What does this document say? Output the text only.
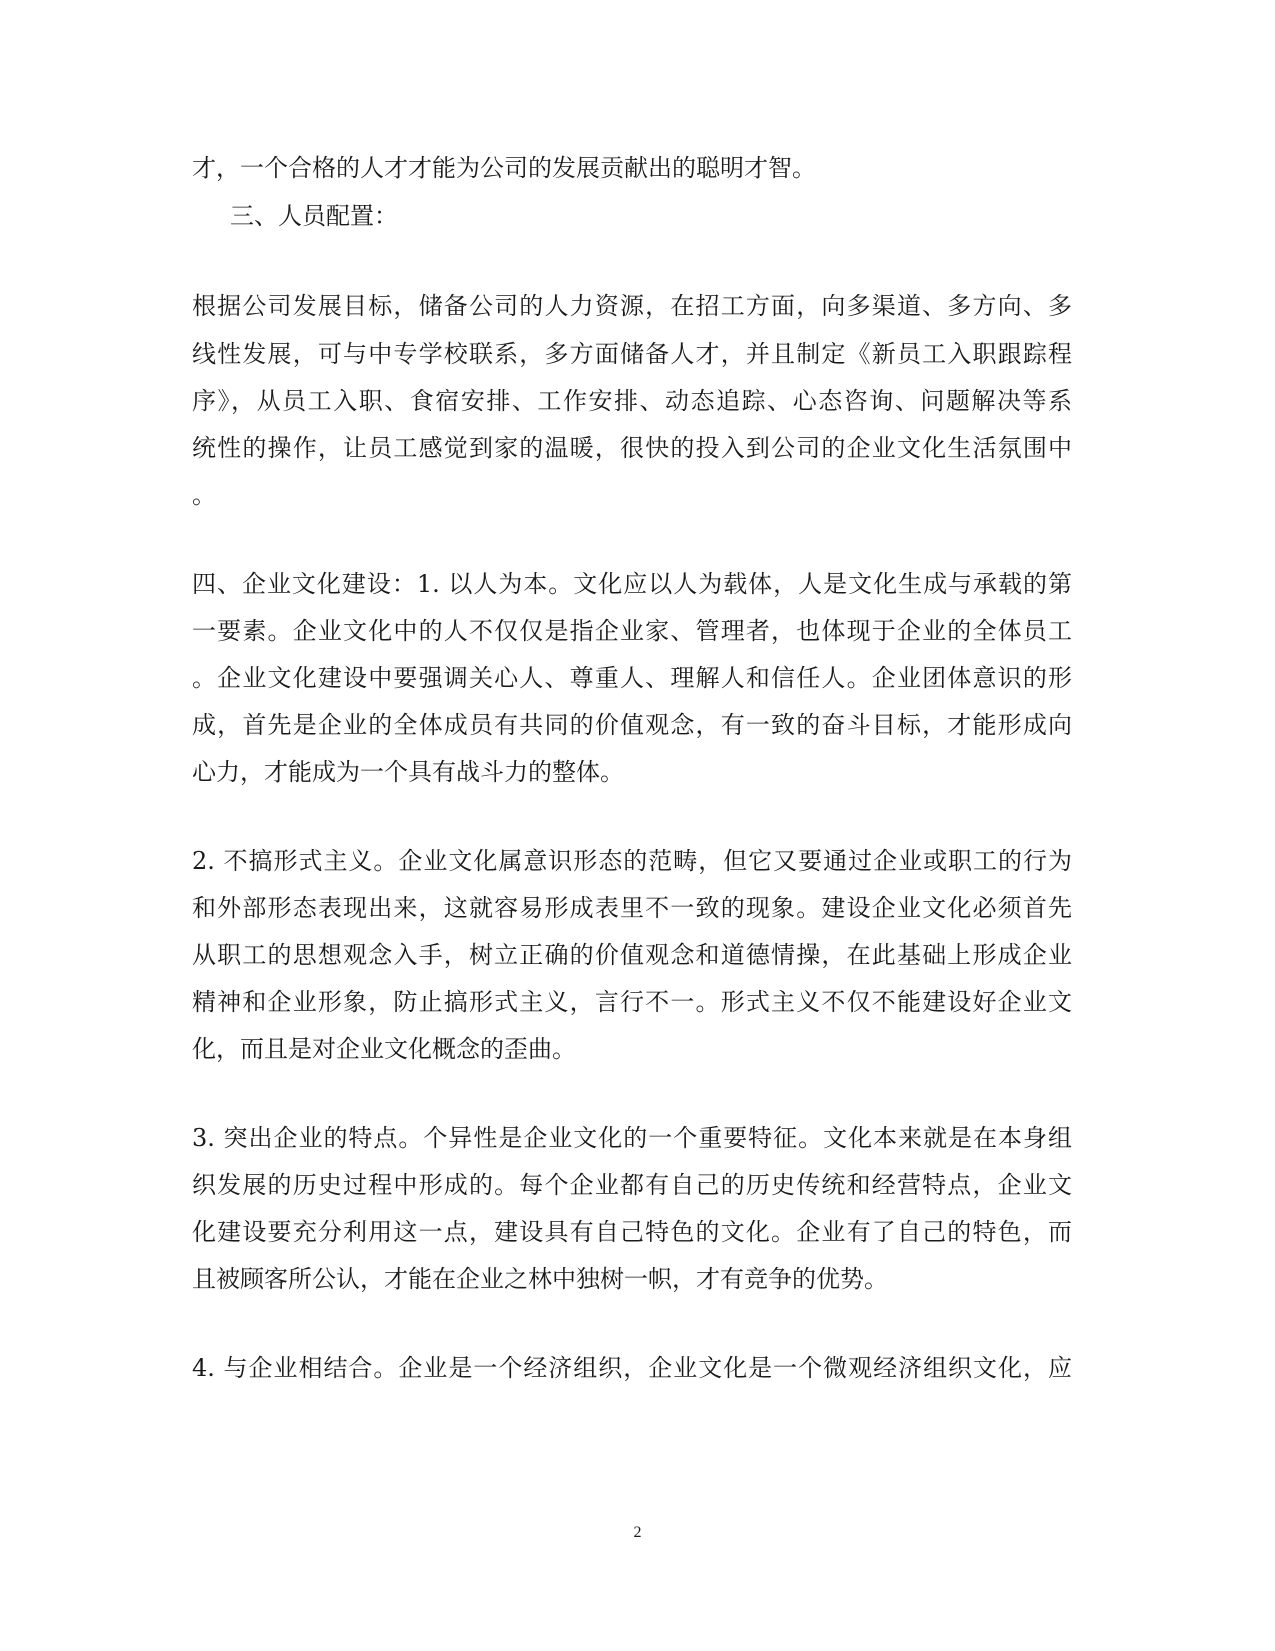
才，一个合格的人才才能为公司的发展贡献出的聪明才智。
三、人员配置：
根据公司发展目标，储备公司的人力资源，在招工方面，向多渠道、多方向、多
线性发展，可与中专学校联系，多方面储备人才，并且制定《新员工入职跟踪程
序》，从员工入职、食宿安排、工作安排、动态追踪、心态咨询、问题解决等系
统性的操作，让员工感觉到家的温暖，很快的投入到公司的企业文化生活氛围中
。
四、企业文化建设：1. 以人为本。文化应以人为载体，人是文化生成与承载的第
一要素。企业文化中的人不仅仅是指企业家、管理者，也体现于企业的全体员工
。企业文化建设中要强调关心人、尊重人、理解人和信任人。企业团体意识的形
成，首先是企业的全体成员有共同的价值观念，有一致的奋斗目标，才能形成向
心力，才能成为一个具有战斗力的整体。
2. 不搞形式主义。企业文化属意识形态的范畴，但它又要通过企业或职工的行为
和外部形态表现出来，这就容易形成表里不一致的现象。建设企业文化必须首先
从职工的思想观念入手，树立正确的价值观念和道德情操，在此基础上形成企业
精神和企业形象，防止搞形式主义，言行不一。形式主义不仅不能建设好企业文
化，而且是对企业文化概念的歪曲。
3. 突出企业的特点。个异性是企业文化的一个重要特征。文化本来就是在本身组
织发展的历史过程中形成的。每个企业都有自己的历史传统和经营特点，企业文
化建设要充分利用这一点，建设具有自己特色的文化。企业有了自己的特色，而
且被顾客所公认，才能在企业之林中独树一帜，才有竞争的优势。
4. 与企业相结合。企业是一个经济组织，企业文化是一个微观经济组织文化，应
2
